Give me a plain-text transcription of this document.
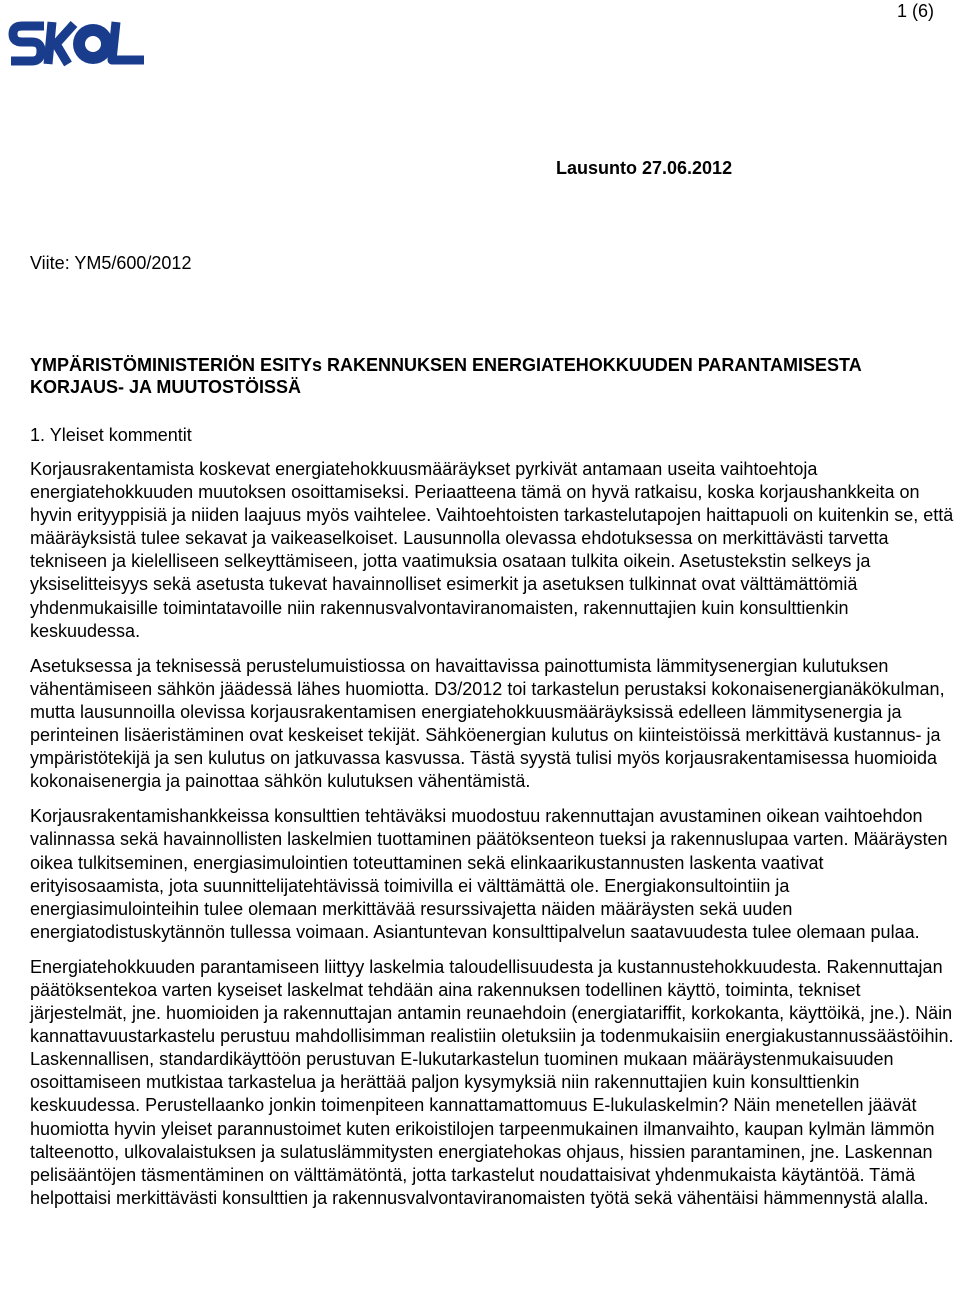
1 (6)
Lausunto 27.06.2012
Viite: YM5/600/2012
YMPÄRISTÖMINISTERIÖN ESITYs RAKENNUKSEN ENERGIATEHOKKUUDEN PARANTAMISESTA KORJAUS- JA MUUTOSTÖISSÄ
1. Yleiset kommentit

Korjausrakentamista koskevat energiatehokkuusmääräykset pyrkivät antamaan useita vaihtoehtoja energiatehokkuuden muutoksen osoittamiseksi. Periaatteena tämä on hyvä ratkaisu, koska korjaushankkeita on hyvin erityyppisiä ja niiden laajuus myös vaihtelee. Vaihtoehtoisten tarkastelutapojen haittapuoli on kuitenkin se, että määräyksistä tulee sekavat ja vaikeaselkoiset. Lausunnolla olevassa ehdotuksessa on merkittävästi tarvetta tekniseen ja kielelliseen selkeyttämiseen, jotta vaatimuksia osataan tulkita oikein. Asetustekstin selkeys ja yksiselitteisyys sekä asetusta tukevat havainnolliset esimerkit ja asetuksen tulkinnat ovat välttämättömiä yhdenmukaisille toimintatavoille niin rakennusvalvontaviranomaisten, rakennuttajien kuin konsulttienkin keskuudessa.

Asetuksessa ja teknisessä perustelumuistiossa on havaittavissa painottumista lämmitysenergian kulutuksen vähentämiseen sähkön jäädessä lähes huomiotta. D3/2012 toi tarkastelun perustaksi kokonaisenergianäkökulman, mutta lausunnoilla olevissa korjausrakentamisen energiatehokkuusmääräyksissä edelleen lämmitysenergia ja perinteinen lisäeristäminen ovat keskeiset tekijät. Sähköenergian kulutus on kiinteistöissä merkittävä kustannus- ja ympäristötekijä ja sen kulutus on jatkuvassa kasvussa. Tästä syystä tulisi myös korjausrakentamisessa huomioida kokonaisenergia ja painottaa sähkön kulutuksen vähentämistä.

Korjausrakentamishankkeissa konsulttien tehtäväksi muodostuu rakennuttajan avustaminen oikean vaihtoehdon valinnassa sekä havainnollisten laskelmien tuottaminen päätöksenteon tueksi ja rakennuslupaa varten. Määräysten oikea tulkitseminen, energiasimulointien toteuttaminen sekä elinkaarikustannusten laskenta vaativat erityisosaamista, jota suunnittelijatehtävissä toimivilla ei välttämättä ole. Energiakonsultointiin ja energiasimulointeihin tulee olemaan merkittävää resurssivajetta näiden määräysten sekä uuden energiatodistuskytännön tullessa voimaan. Asiantuntevan konsulttipalvelun saatavuudesta tulee olemaan pulaa.

Energiatehokkuuden parantamiseen liittyy laskelmia taloudellisuudesta ja kustannustehokkuudesta. Rakennuttajan päätöksentekoa varten kyseiset laskelmat tehdään aina rakennuksen todellinen käyttö, toiminta, tekniset järjestelmät, jne. huomioiden ja rakennuttajan antamin reunaehdoin (energiatariffit, korkokanta, käyttöikä, jne.). Näin kannattavuustarkastelu perustuu mahdollisimman realistiin oletuksiin ja todenmukaisiin energiakustannussäästöihin. Laskennallisen, standardikäyttöön perustuvan E-lukutarkastelun tuominen mukaan määräystenmukaisuuden osoittamiseen mutkistaa tarkastelua ja herättää paljon kysymyksiä niin rakennuttajien kuin konsulttienkin keskuudessa. Perustellaanko jonkin toimenpiteen kannattamattomuus E-lukulaskelmin? Näin menetellen jäävät huomiotta hyvin yleiset parannustoimet kuten erikoistilojen tarpeenmukainen ilmanvaihto, kaupan kylmän lämmön talteenotto, ulkovalaistuksen ja sulatuslämmitysten energiatehokas ohjaus, hissien parantaminen, jne. Laskennan pelisääntöjen täsmentäminen on välttämätöntä, jotta tarkastelut noudattaisivat yhdenmukaista käytäntöä. Tämä helpottaisi merkittävästi konsulttien ja rakennusvalvontaviranomaisten työtä sekä vähentäisi hämmennystä alalla.
